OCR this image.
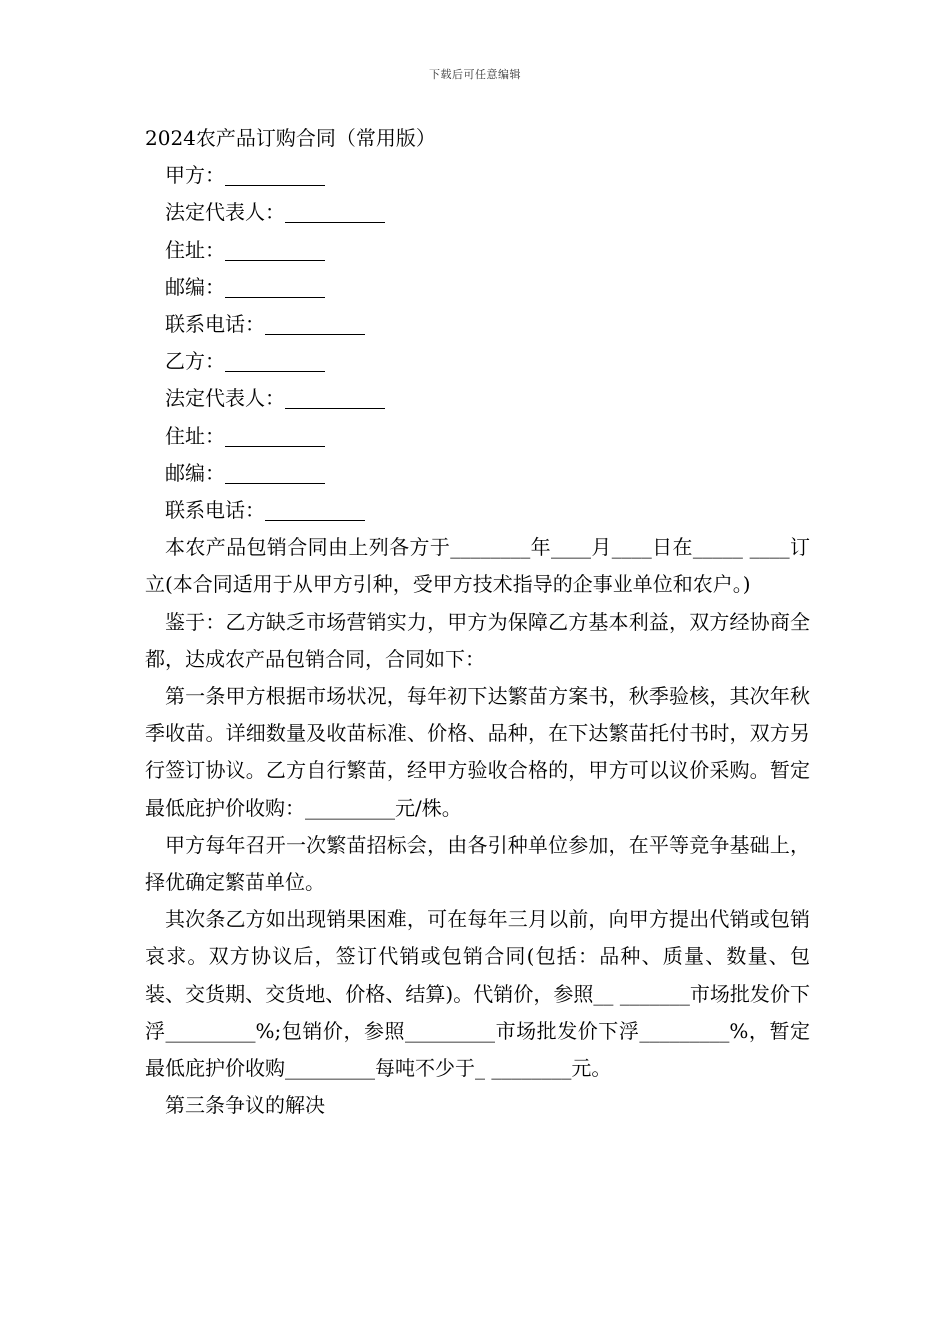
下载后可任意编辑
2024农产品订购合同（常用版）
甲方：
法定代表人：
住址：
邮编：
联系电话：
乙方：
法定代表人：
住址：
邮编：
联系电话：

本农产品包销合同由上列各方于________年____月____日在_____ ____订立(本合同适用于从甲方引种，受甲方技术指导的企事业单位和农户。)

鉴于：乙方缺乏市场营销实力，甲方为保障乙方基本利益，双方经协商全都，达成农产品包销合同，合同如下：

第一条甲方根据市场状况，每年初下达繁苗方案书，秋季验核，其次年秋季收苗。详细数量及收苗标准、价格、品种，在下达繁苗托付书时，双方另行签订协议。乙方自行繁苗，经甲方验收合格的，甲方可以议价采购。暂定最低庇护价收购：_________元/株。

甲方每年召开一次繁苗招标会，由各引种单位参加，在平等竞争基础上，择优确定繁苗单位。

其次条乙方如出现销果困难，可在每年三月以前，向甲方提出代销或包销哀求。双方协议后，签订代销或包销合同(包括：品种、质量、数量、包装、交货期、交货地、价格、结算)。代销价，参照__ _______市场批发价下浮_________%;包销价，参照_________市场批发价下浮_________%，暂定最低庇护价收购_________每吨不少于_ ________元。

第三条争议的解决
